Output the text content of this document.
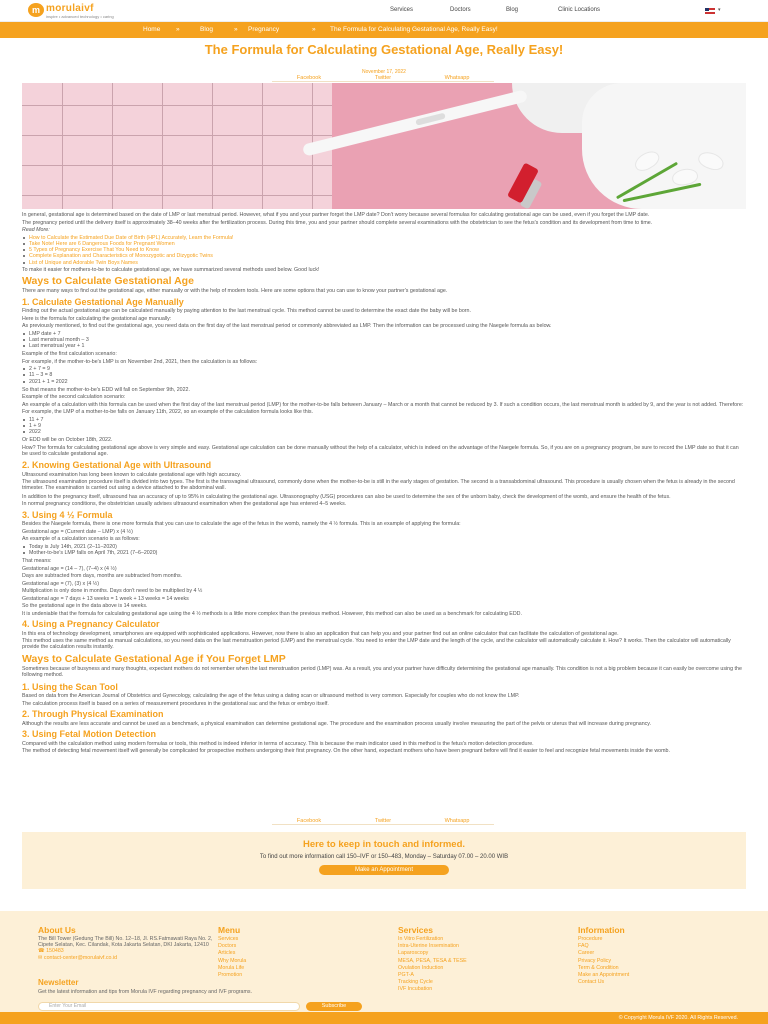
m morulaivf
inspire • advanced technology • caring
Services	Doctors	Blog	Clinic Locations	▾
Home »	Blog	» Pregnancy	» The Formula for Calculating Gestational Age, Really Easy!
The Formula for Calculating Gestational Age, Really Easy!
November 17, 2022
Facebook	Twitter	Whatsapp
In general, gestational age is determined based on the date of LMP or last menstrual period. However, what if you and your partner forget the LMP date? Don't worry because several formulas for calculating gestational age can be used, even if you forget the LMP date.
The pregnancy period until the delivery itself is approximately 38–40 weeks after the fertilization process. During this time, you and your partner should complete several examinations with the obstetrician to see the fetus's condition and its development from time to time.
Read More:
How to Calculate the Estimated Due Date of Birth (HPL) Accurately, Learn the Formula!
Take Note! Here are 6 Dangerous Foods for Pregnant Women
5 Types of Pregnancy Exercise That You Need to Know
Complete Explanation and Characteristics of Monozygotic and Dizygotic Twins
List of Unique and Adorable Twin Boys Names
To make it easier for mothers-to-be to calculate gestational age, we have summarized several methods used below. Good luck!
Ways to Calculate Gestational Age
There are many ways to find out the gestational age, either manually or with the help of modern tools. Here are some options that you can use to know your partner's gestational age.
1. Calculate Gestational Age Manually
Finding out the actual gestational age can be calculated manually by paying attention to the last menstrual cycle. This method cannot be used to determine the exact date the baby will be born.
Here is the formula for calculating the gestational age manually:
As previously mentioned, to find out the gestational age, you need data on the first day of the last menstrual period or commonly abbreviated as LMP. Then the information can be processed using the Naegele formula as below.
LMP date + 7
Last menstrual month – 3
Last menstrual year + 1
Example of the first calculation scenario:
For example, if the mother-to-be's LMP is on November 2nd, 2021, then the calculation is as follows:
2 + 7 = 9
11 – 3 = 8
2021 + 1 = 2022
So that means the mother-to-be's EDD will fall on September 9th, 2022.
Example of the second calculation scenario:
An example of a calculation with this formula can be used when the first day of the last menstrual period (LMP) for the mother-to-be falls between January – March or a month that cannot be reduced by 3. If such a condition occurs, the last menstrual month is added by 9, and the year is not added. Therefore:
For example, the LMP of a mother-to-be falls on January 11th, 2022, so an example of the calculation formula looks like this.
11 + 7
1 + 9
2022
Or EDD will be on October 18th, 2022.
How? The formula for calculating gestational age above is very simple and easy. Gestational age calculation can be done manually without the help of a calculator, which is indeed on the advantage of the Naegele formula. So, if you are on a pregnancy program, be sure to record the LMP date so that it can be used to calculate gestational age.
2. Knowing Gestational Age with Ultrasound
Ultrasound examination has long been known to calculate gestational age with high accuracy.
The ultrasound examination procedure itself is divided into two types. The first is the transvaginal ultrasound, commonly done when the mother-to-be is still in the early stages of gestation. The second is a transabdominal ultrasound. This procedure is usually chosen when the fetus is already in the second trimester. The examination is carried out using a device attached to the abdominal wall.
In addition to the pregnancy itself, ultrasound has an accuracy of up to 95% in calculating the gestational age. Ultrasonography (USG) procedures can also be used to determine the sex of the unborn baby, check the development of the womb, and ensure the health of the fetus.
In normal pregnancy conditions, the obstetrician usually advises ultrasound examination when the gestational age has entered 4–5 weeks.
3. Using 4 ½ Formula
Besides the Naegele formula, there is one more formula that you can use to calculate the age of the fetus in the womb, namely the 4 ½ formula. This is an example of applying the formula:
Gestational age = (Current date – LMP) x (4 ½)
An example of a calculation scenario is as follows:
Today is July 14th, 2021 (2–11–2020)
Mother-to-be's LMP falls on April 7th, 2021 (7–6–2020)
That means:
Gestational age = (14 – 7), (7–4) x (4 ½)
Days are subtracted from days, months are subtracted from months.
Gestational age = (7), (3) x (4 ½)
Multiplication is only done in months. Days don't need to be multiplied by 4 ½
Gestational age = 7 days + 13 weeks = 1 week + 13 weeks = 14 weeks
So the gestational age in the data above is 14 weeks.
It is undeniable that the formula for calculating gestational age using the 4 ½ methods is a little more complex than the previous method. However, this method can also be used as a benchmark for calculating EDD.
4. Using a Pregnancy Calculator
In this era of technology development, smartphones are equipped with sophisticated applications. However, now there is also an application that can help you and your partner find out an online calculator that can facilitate the calculation of gestational age.
This method uses the same method as manual calculations, so you need data on the last menstruation period (LMP) and the menstrual cycle. You need to enter the LMP date and the length of the cycle, and the calculator will automatically calculate it. How? It works. Then the calculator will automatically provide the calculation results instantly.
Ways to Calculate Gestational Age if You Forget LMP
Sometimes because of busyness and many thoughts, expectant mothers do not remember when the last menstruation period (LMP) was. As a result, you and your partner have difficulty determining the gestational age manually. This condition is not a big problem because it can easily be overcome using the following method.
1. Using the Scan Tool
Based on data from the American Journal of Obstetrics and Gynecology, calculating the age of the fetus using a dating scan or ultrasound method is very common. Especially for couples who do not know the LMP.
The calculation process itself is based on a series of measurement procedures in the gestational sac and the fetus or embryo itself.
2. Through Physical Examination
Although the results are less accurate and cannot be used as a benchmark, a physical examination can determine gestational age. The procedure and the examination process usually involve measuring the part of the pelvis or uterus that will increase during pregnancy.
3. Using Fetal Motion Detection
Compared with the calculation method using modern formulas or tools, this method is indeed inferior in terms of accuracy. This is because the main indicator used in this method is the fetus's motion detection procedure.
The method of detecting fetal movement itself will generally be complicated for prospective mothers undergoing their first pregnancy. On the other hand, expectant mothers who have been pregnant before will find it easier to feel and recognize fetal movements inside the womb.
Facebook	Twitter	Whatsapp
Here to keep in touch and informed.
To find out more information call 150–IVF or 150–483, Monday – Saturday 07.00 – 20.00 WIB
Make an Appointment
About Us
The Bill Tower (Gedung The Bill) No. 12–18, Jl. RS.Fatmawati Raya No. 2, Cipete Selatan, Kec. Cilandak, Kota Jakarta Selatan, DKI Jakarta, 12410
☎ 150483
✉ contact-center@morulaivf.co.id
Menu
Services
Doctors
Articles
Why Morula
Morula Life
Promotion
Services
In Vitro Fertilization
Intra-Uterine Insemination
Laparoscopy
MESA, PESA, TESA & TESE
Ovulation Induction
PGT-A
Tracking Cycle
IVF Incubation
Information
Procedure
FAQ
Career
Privacy Policy
Term & Condition
Make an Appointment
Contact Us
Newsletter
Get the latest information and tips from Morula IVF regarding pregnancy and IVF programs.
Enter Your Email	Subscribe
© Copyright Morula IVF 2020. All Rights Reserved.
